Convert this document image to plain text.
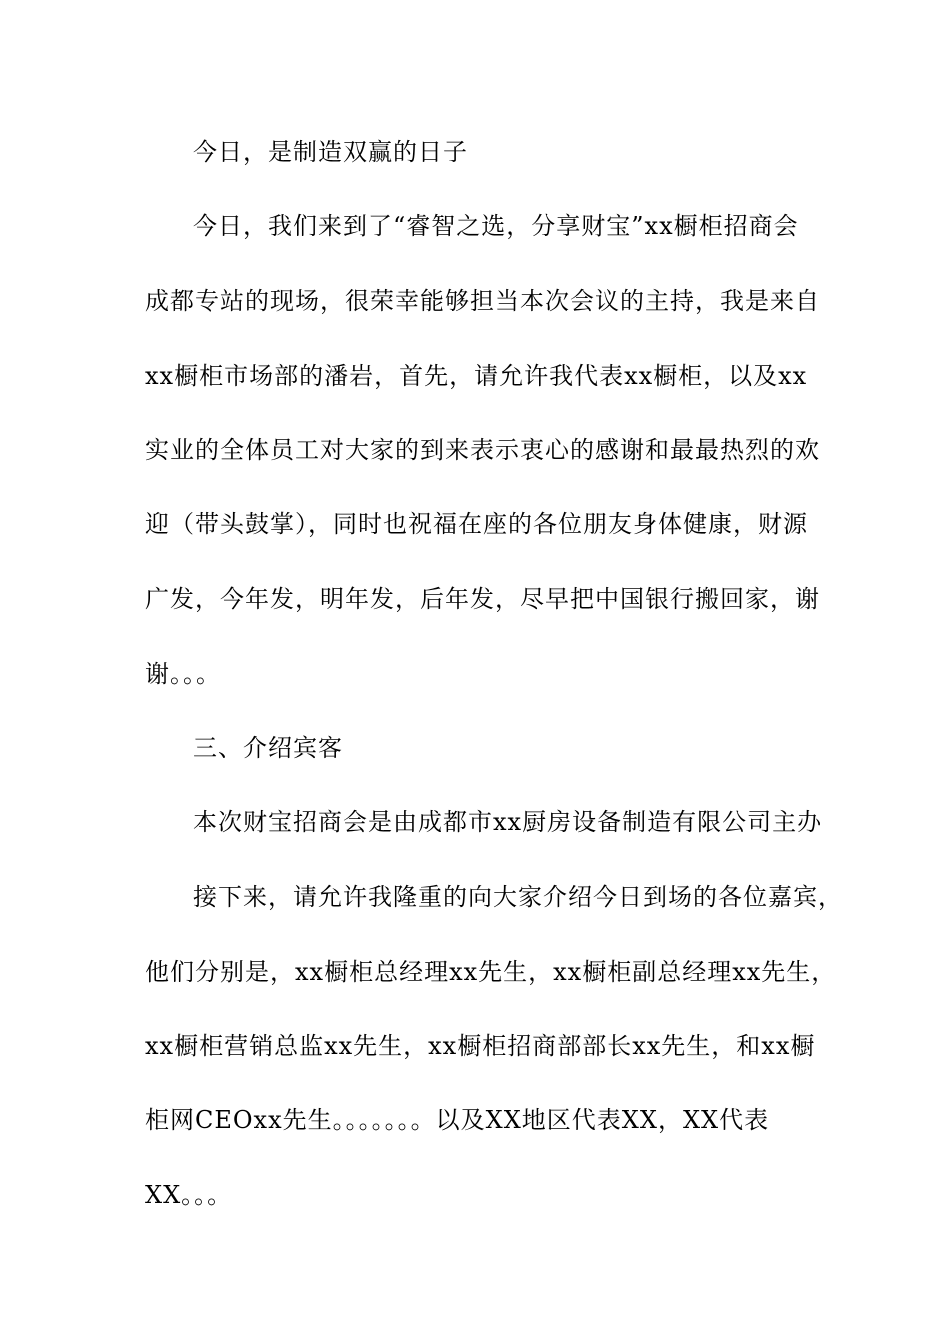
今日，是制造双赢的日子
今日，我们来到了“睿智之选，分享财宝”xx橱柜招商会
成都专站的现场，很荣幸能够担当本次会议的主持，我是来自
xx橱柜市场部的潘岩，首先，请允许我代表xx橱柜，以及xx
实业的全体员工对大家的到来表示衷心的感谢和最最热烈的欢
迎（带头鼓掌），同时也祝福在座的各位朋友身体健康，财源
广发，今年发，明年发，后年发，尽早把中国银行搬回家，谢
谢。。。
三、介绍宾客
本次财宝招商会是由成都市xx厨房设备制造有限公司主办
接下来，请允许我隆重的向大家介绍今日到场的各位嘉宾，
他们分别是，xx橱柜总经理xx先生，xx橱柜副总经理xx先生，
xx橱柜营销总监xx先生，xx橱柜招商部部长xx先生，和xx橱
柜网CEOxx先生。。。。。。。以及XX地区代表XX，XX代表
XX。。。
